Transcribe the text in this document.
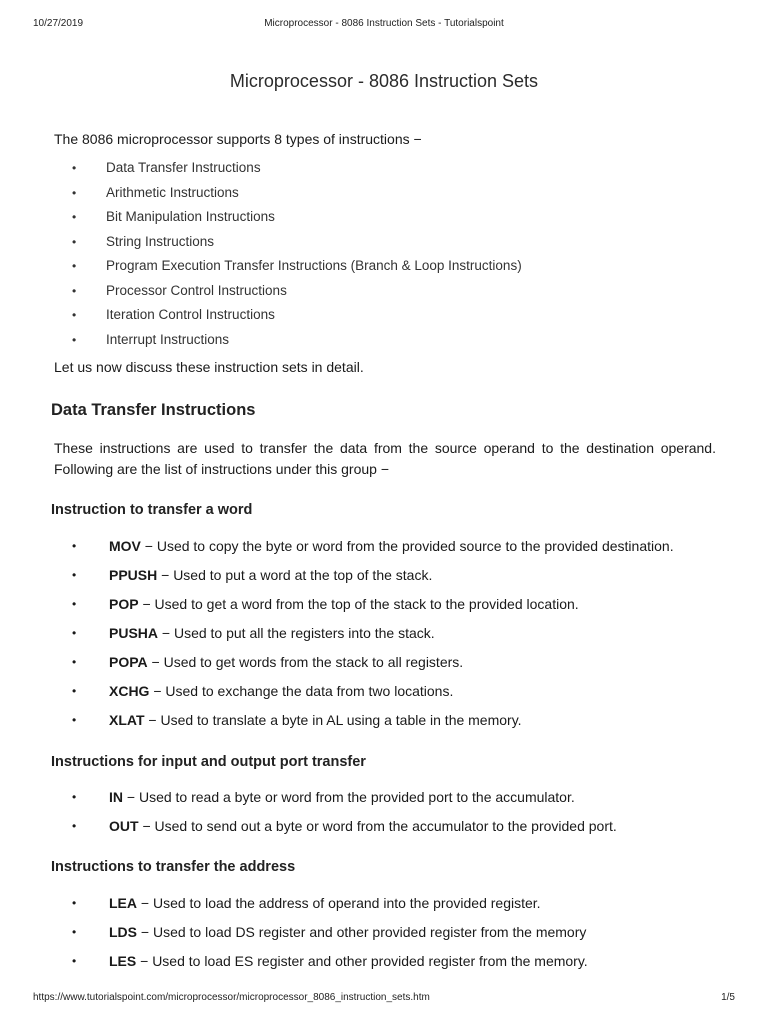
10/27/2019	Microprocessor - 8086 Instruction Sets - Tutorialspoint
Microprocessor - 8086 Instruction Sets

The 8086 microprocessor supports 8 types of instructions −

• Data Transfer Instructions
• Arithmetic Instructions
• Bit Manipulation Instructions
• String Instructions
• Program Execution Transfer Instructions (Branch & Loop Instructions)
• Processor Control Instructions
• Iteration Control Instructions
• Interrupt Instructions

Let us now discuss these instruction sets in detail.

Data Transfer Instructions

These instructions are used to transfer the data from the source operand to the destination operand. Following are the list of instructions under this group −

Instruction to transfer a word
• MOV − Used to copy the byte or word from the provided source to the provided destination.
• PPUSH − Used to put a word at the top of the stack.
• POP − Used to get a word from the top of the stack to the provided location.
• PUSHA − Used to put all the registers into the stack.
• POPA − Used to get words from the stack to all registers.
• XCHG − Used to exchange the data from two locations.
• XLAT − Used to translate a byte in AL using a table in the memory.
Instructions for input and output port transfer
• IN − Used to read a byte or word from the provided port to the accumulator.
• OUT − Used to send out a byte or word from the accumulator to the provided port.
Instructions to transfer the address
• LEA − Used to load the address of operand into the provided register.
• LDS − Used to load DS register and other provided register from the memory
• LES − Used to load ES register and other provided register from the memory.
https://www.tutorialspoint.com/microprocessor/microprocessor_8086_instruction_sets.htm	1/5
